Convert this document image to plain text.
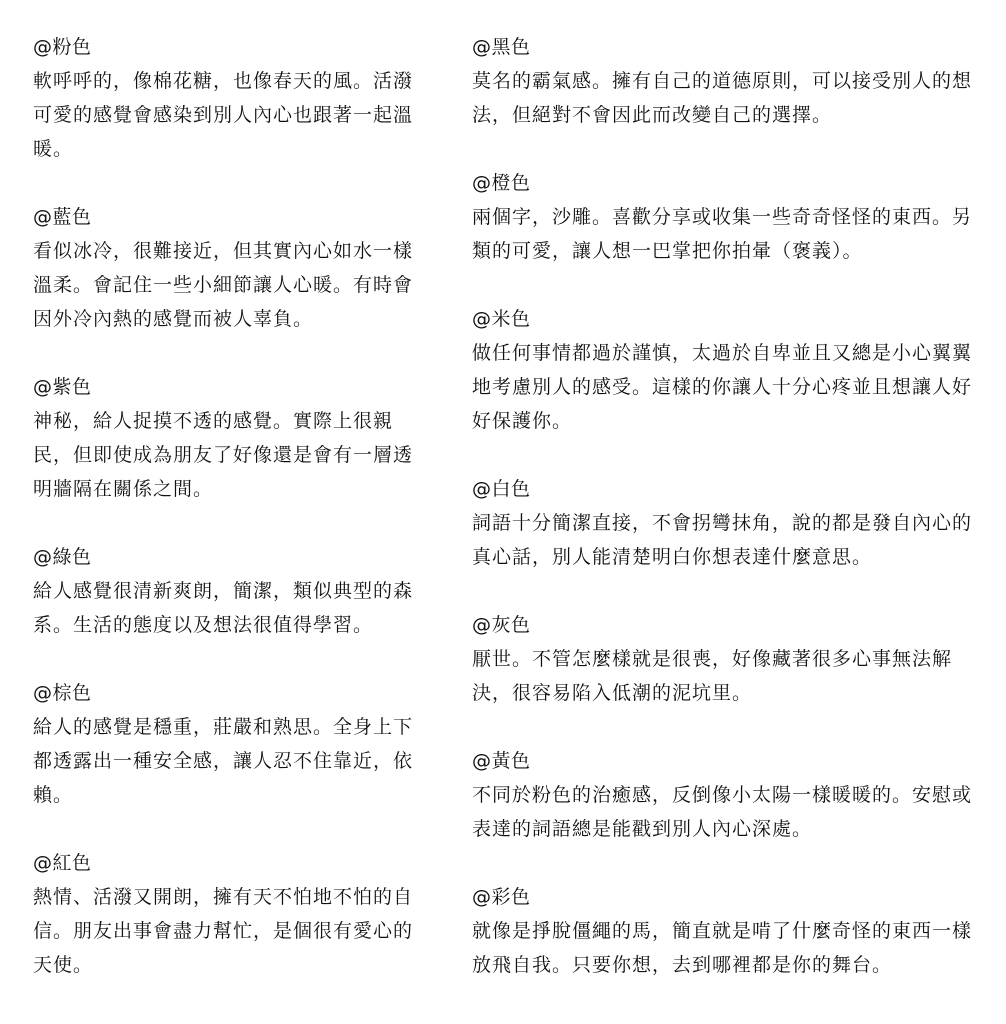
@粉色
軟呼呼的，像棉花糖，也像春天的風。活潑可愛的感覺會感染到別人內心也跟著一起溫暖。
@藍色
看似冰冷，很難接近，但其實內心如水一樣溫柔。會記住一些小細節讓人心暖。有時會因外冷內熱的感覺而被人辜負。
@紫色
神秘，給人捉摸不透的感覺。實際上很親民，但即使成為朋友了好像還是會有一層透明牆隔在關係之間。
@綠色
給人感覺很清新爽朗，簡潔，類似典型的森系。生活的態度以及想法很值得學習。
@棕色
給人的感覺是穩重，莊嚴和熟思。全身上下都透露出一種安全感，讓人忍不住靠近，依賴。
@紅色
熱情、活潑又開朗，擁有天不怕地不怕的自信。朋友出事會盡力幫忙，是個很有愛心的天使。
@黑色
莫名的霸氣感。擁有自己的道德原則，可以接受別人的想法，但絕對不會因此而改變自己的選擇。
@橙色
兩個字，沙雕。喜歡分享或收集一些奇奇怪怪的東西。另類的可愛，讓人想一巴掌把你拍暈（褒義）。
@米色
做任何事情都過於謹慎，太過於自卑並且又總是小心翼翼地考慮別人的感受。這樣的你讓人十分心疼並且想讓人好好保護你。
@白色
詞語十分簡潔直接，不會拐彎抹角，說的都是發自內心的真心話，別人能清楚明白你想表達什麼意思。
@灰色
厭世。不管怎麼樣就是很喪，好像藏著很多心事無法解決，很容易陷入低潮的泥坑里。
@黃色
不同於粉色的治癒感，反倒像小太陽一樣暖暖的。安慰或表達的詞語總是能戳到別人內心深處。
@彩色
就像是掙脫僵繩的馬，簡直就是啃了什麼奇怪的東西一樣放飛自我。只要你想，去到哪裡都是你的舞台。
